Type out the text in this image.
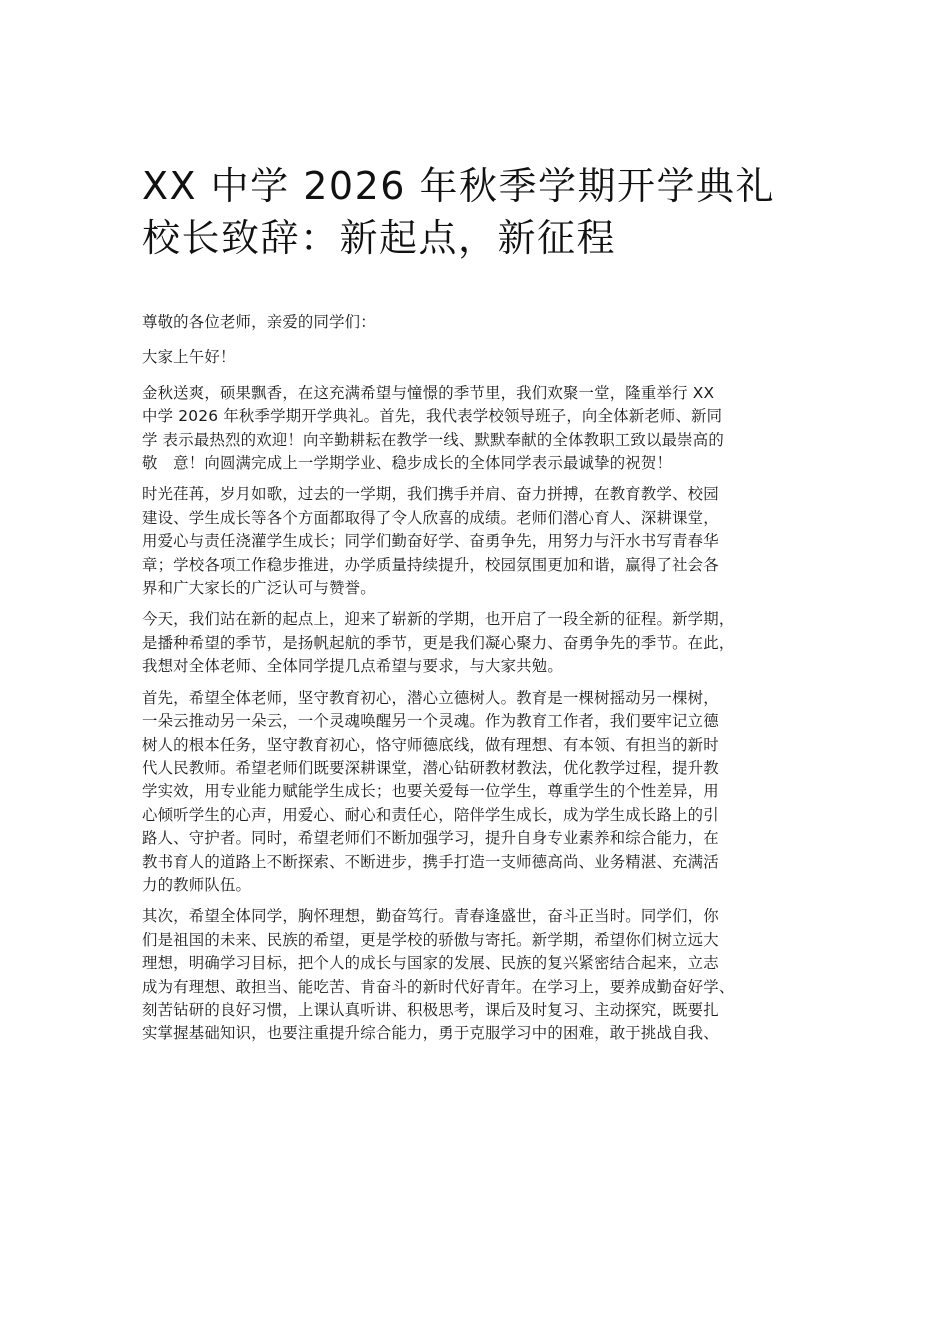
XX 中学 2026 年秋季学期开学典礼
校长致辞：新起点，新征程

尊敬的各位老师，亲爱的同学们：

大家上午好！

金秋送爽，硕果飘香，在这充满希望与憧憬的季节里，我们欢聚一堂，隆重举行 XX
中学 2026 年秋季学期开学典礼。首先，我代表学校领导班子，向全体新老师、新同
学 表示最热烈的欢迎！向辛勤耕耘在教学一线、默默奉献的全体教职工致以最崇高的
敬　意！向圆满完成上一学期学业、稳步成长的全体同学表示最诚挚的祝贺！

时光荏苒，岁月如歌，过去的一学期，我们携手并肩、奋力拼搏，在教育教学、校园
建设、学生成长等各个方面都取得了令人欣喜的成绩。老师们潜心育人、深耕课堂，
用爱心与责任浇灌学生成长；同学们勤奋好学、奋勇争先，用努力与汗水书写青春华
章；学校各项工作稳步推进，办学质量持续提升，校园氛围更加和谐，赢得了社会各
界和广大家长的广泛认可与赞誉。

今天，我们站在新的起点上，迎来了崭新的学期，也开启了一段全新的征程。新学期，
是播种希望的季节，是扬帆起航的季节，更是我们凝心聚力、奋勇争先的季节。在此，
我想对全体老师、全体同学提几点希望与要求，与大家共勉。

首先，希望全体老师，坚守教育初心，潜心立德树人。教育是一棵树摇动另一棵树，
一朵云推动另一朵云，一个灵魂唤醒另一个灵魂。作为教育工作者，我们要牢记立德
树人的根本任务，坚守教育初心，恪守师德底线，做有理想、有本领、有担当的新时
代人民教师。希望老师们既要深耕课堂，潜心钻研教材教法，优化教学过程，提升教
学实效，用专业能力赋能学生成长；也要关爱每一位学生，尊重学生的个性差异，用
心倾听学生的心声，用爱心、耐心和责任心，陪伴学生成长，成为学生成长路上的引
路人、守护者。同时，希望老师们不断加强学习，提升自身专业素养和综合能力，在
教书育人的道路上不断探索、不断进步，携手打造一支师德高尚、业务精湛、充满活
力的教师队伍。

其次，希望全体同学，胸怀理想，勤奋笃行。青春逢盛世，奋斗正当时。同学们，你
们是祖国的未来、民族的希望，更是学校的骄傲与寄托。新学期，希望你们树立远大
理想，明确学习目标，把个人的成长与国家的发展、民族的复兴紧密结合起来，立志
成为有理想、敢担当、能吃苦、肯奋斗的新时代好青年。在学习上，要养成勤奋好学、
刻苦钻研的良好习惯，上课认真听讲、积极思考，课后及时复习、主动探究，既要扎
实掌握基础知识，也要注重提升综合能力，勇于克服学习中的困难，敢于挑战自我、
